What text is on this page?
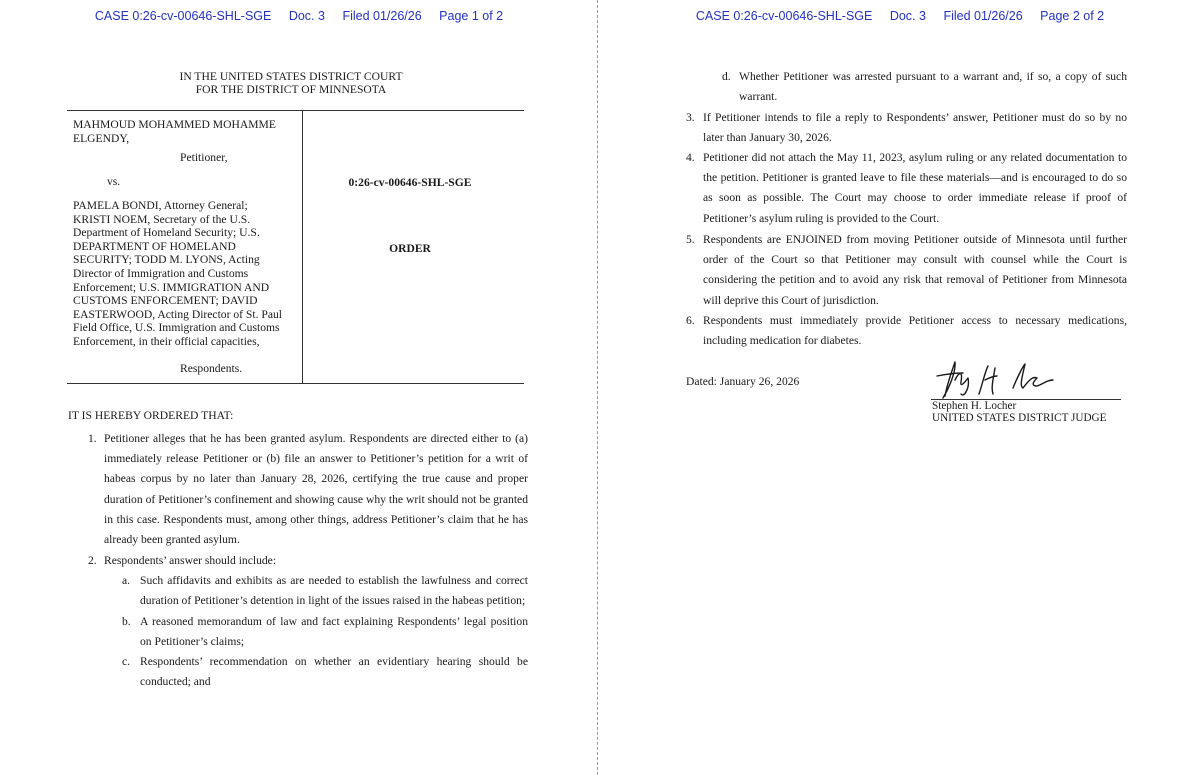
CASE 0:26-cv-00646-SHL-SGE Doc. 3 Filed 01/26/26 Page 1 of 2
IN THE UNITED STATES DISTRICT COURT
FOR THE DISTRICT OF MINNESOTA
MAHMOUD MOHAMMED MOHAMME
ELGENDY,
Petitioner,
vs.
PAMELA BONDI, Attorney General;
KRISTI NOEM, Secretary of the U.S.
Department of Homeland Security; U.S.
DEPARTMENT OF HOMELAND
SECURITY; TODD M. LYONS, Acting
Director of Immigration and Customs
Enforcement; U.S. IMMIGRATION AND
CUSTOMS ENFORCEMENT; DAVID
EASTERWOOD, Acting Director of St. Paul
Field Office, U.S. Immigration and Customs
Enforcement, in their official capacities,
Respondents.
0:26-cv-00646-SHL-SGE
ORDER
IT IS HEREBY ORDERED THAT:
1. Petitioner alleges that he has been granted asylum. Respondents are directed either to (a) immediately release Petitioner or (b) file an answer to Petitioner’s petition for a writ of habeas corpus by no later than January 28, 2026, certifying the true cause and proper duration of Petitioner’s confinement and showing cause why the writ should not be granted in this case. Respondents must, among other things, address Petitioner’s claim that he has already been granted asylum.
2. Respondents’ answer should include:
a. Such affidavits and exhibits as are needed to establish the lawfulness and correct duration of Petitioner’s detention in light of the issues raised in the habeas petition;
b. A reasoned memorandum of law and fact explaining Respondents’ legal position on Petitioner’s claims;
c. Respondents’ recommendation on whether an evidentiary hearing should be conducted; and
CASE 0:26-cv-00646-SHL-SGE Doc. 3 Filed 01/26/26 Page 2 of 2
d. Whether Petitioner was arrested pursuant to a warrant and, if so, a copy of such warrant.
3. If Petitioner intends to file a reply to Respondents’ answer, Petitioner must do so by no later than January 30, 2026.
4. Petitioner did not attach the May 11, 2023, asylum ruling or any related documentation to the petition. Petitioner is granted leave to file these materials—and is encouraged to do so as soon as possible. The Court may choose to order immediate release if proof of Petitioner’s asylum ruling is provided to the Court.
5. Respondents are ENJOINED from moving Petitioner outside of Minnesota until further order of the Court so that Petitioner may consult with counsel while the Court is considering the petition and to avoid any risk that removal of Petitioner from Minnesota will deprive this Court of jurisdiction.
6. Respondents must immediately provide Petitioner access to necessary medications, including medication for diabetes.
Dated: January 26, 2026
Stephen H. Locher
UNITED STATES DISTRICT JUDGE
